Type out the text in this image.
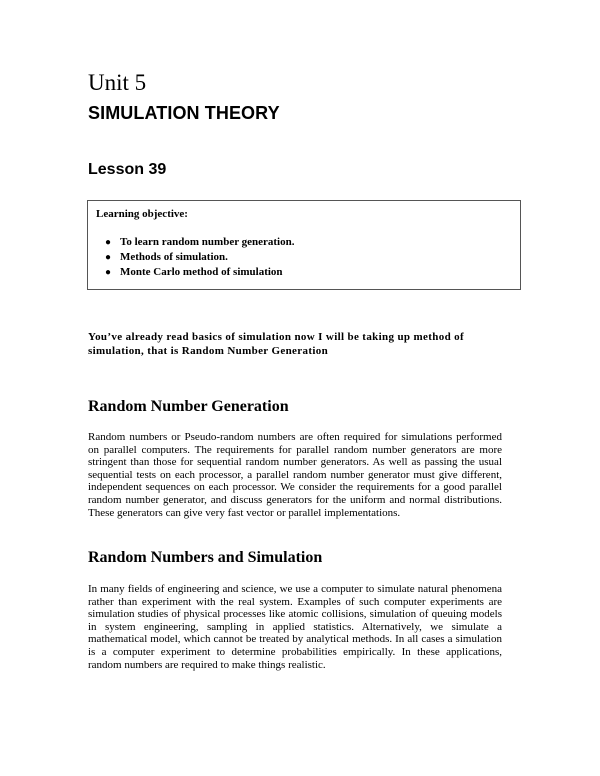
Unit 5
SIMULATION THEORY
Lesson 39
Learning objective:
● To learn random number generation.
● Methods of simulation.
● Monte Carlo method of simulation

You’ve already read basics of simulation now I will be taking up method of simulation, that is Random Number Generation

Random Number Generation

Random numbers or Pseudo-random numbers are often required for simulations performed on parallel computers. The requirements for parallel random number generators are more stringent than those for sequential random number generators. As well as passing the usual sequential tests on each processor, a parallel random number generator must give different, independent sequences on each processor. We consider the requirements for a good parallel random number generator, and discuss generators for the uniform and normal distributions. These generators can give very fast vector or parallel implementations.

Random Numbers and Simulation

In many fields of engineering and science, we use a computer to simulate natural phenomena rather than experiment with the real system. Examples of such computer experiments are simulation studies of physical processes like atomic collisions, simulation of queuing models in system engineering, sampling in applied statistics. Alternatively, we simulate a mathematical model, which cannot be treated by analytical methods. In all cases a simulation is a computer experiment to determine probabilities empirically. In these applications, random numbers are required to make things realistic.
